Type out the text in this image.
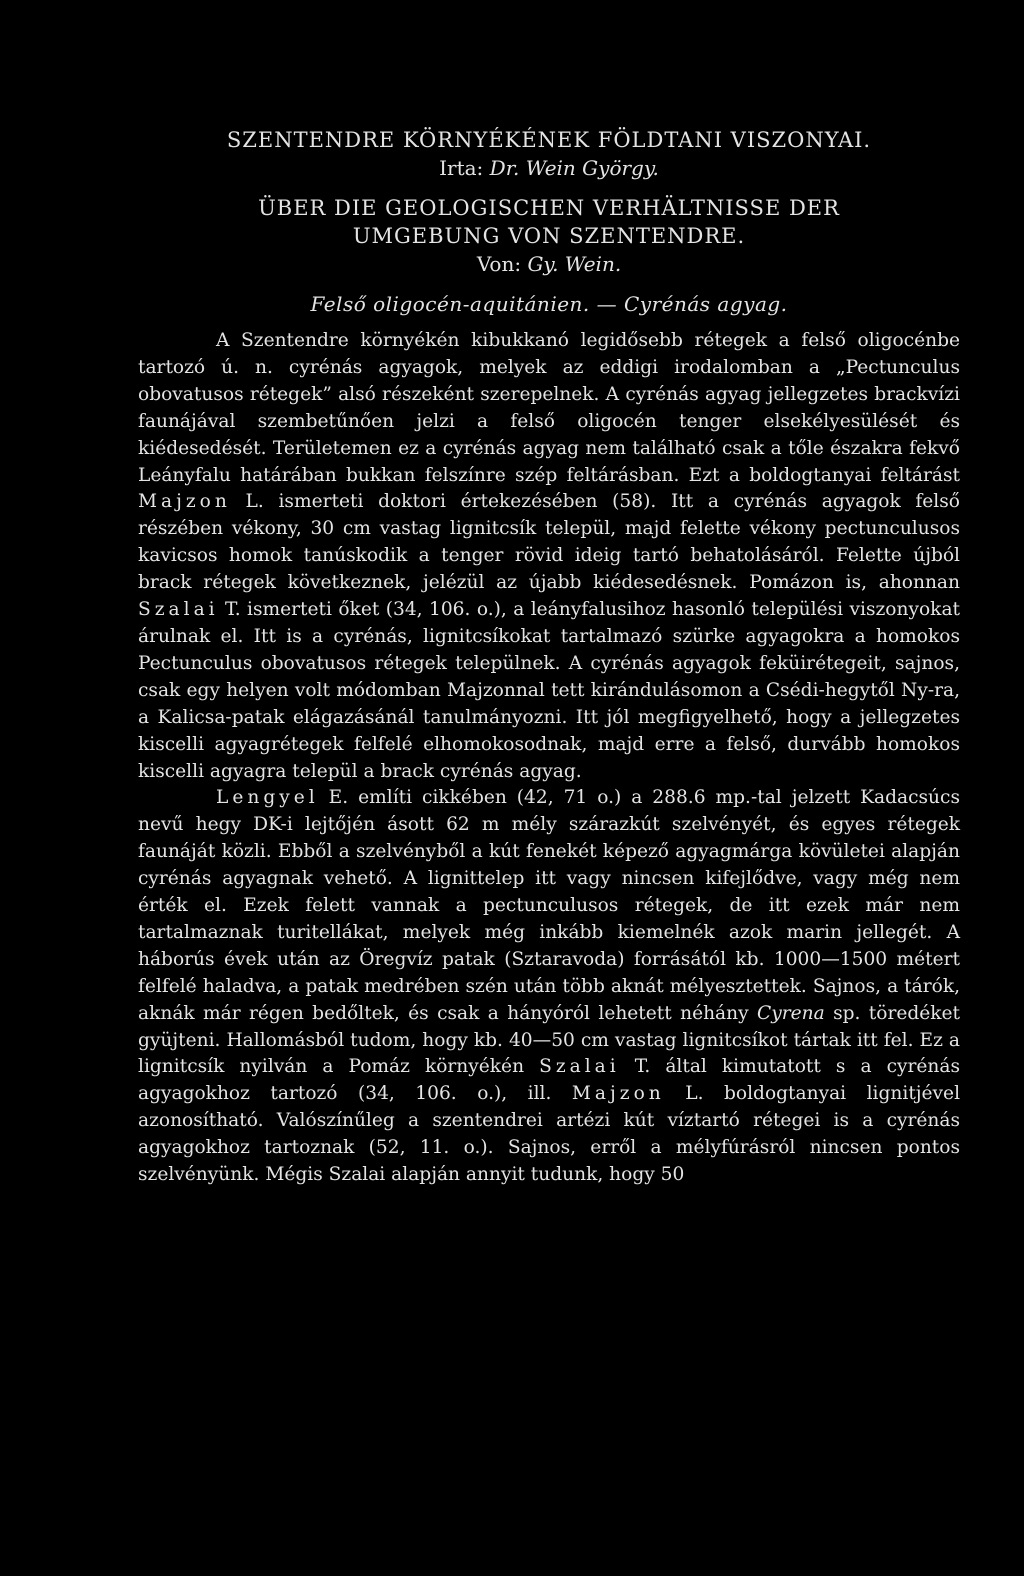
SZENTENDRE KÖRNYÉKÉNEK FÖLDTANI VISZONYAI.

Irta: Dr. Wein György.

ÜBER DIE GEOLOGISCHEN VERHÄLTNISSE DER

UMGEBUNG VON SZENTENDRE.

Von: Gy. Wein.

Felső oligocén-aquitánien. — Cyrénás agyag.

A Szentendre környékén kibukkanó legidősebb rétegek a felső oligocénbe tartozó ú. n. cyrénás agyagok, melyek az eddigi irodalomban a „Pectunculus obovatusos rétegek” alsó részeként szerepelnek. A cyrénás agyag jellegzetes brackvízi faunájával szembetűnően jelzi a felső oligocén tenger elsekélyesülését és kiédesedését. Területemen ez a cyrénás agyag nem található csak a tőle északra fekvő Leányfalu határában bukkan felszínre szép feltárásban. Ezt a boldogtanyai feltárást Majzon L. ismerteti doktori értekezésében (58). Itt a cyrénás agyagok felső részében vékony, 30 cm vastag lignitcsík települ, majd felette vékony pectunculusos kavicsos homok tanúskodik a tenger rövid ideig tartó behatolásáról. Felette újból brack rétegek következnek, jelézül az újabb kiédesedésnek. Pomázon is, ahonnan Szalai T. ismerteti őket (34, 106. o.), a leányfalusihoz hasonló települési viszonyokat árulnak el. Itt is a cyrénás, lignitcsíkokat tartalmazó szürke agyagokra a homokos Pectunculus obovatusos rétegek települnek. A cyrénás agyagok feküirétegeit, sajnos, csak egy helyen volt módomban Majzonnal tett kirándulásomon a Csédi-hegytől Ny-ra, a Kalicsa-patak elágazásánál tanulmányozni. Itt jól megfigyelhető, hogy a jellegzetes kiscelli agyagrétegek felfelé elhomokosodnak, majd erre a felső, durvább homokos kiscelli agyagra települ a brack cyrénás agyag.

Lengyel E. említi cikkében (42, 71 o.) a 288.6 mp.-tal jelzett Kadacsúcs nevű hegy DK-i lejtőjén ásott 62 m mély szárazkút szelvényét, és egyes rétegek faunáját közli. Ebből a szelvényből a kút fenekét képező agyagmárga kövületei alapján cyrénás agyagnak vehető. A lignittelep itt vagy nincsen kifejlődve, vagy még nem érték el. Ezek felett vannak a pectunculusos rétegek, de itt ezek már nem tartalmaznak turitellákat, melyek még inkább kiemelnék azok marin jellegét. A háborús évek után az Öregvíz patak (Sztaravoda) forrásától kb. 1000—1500 métert felfelé haladva, a patak medrében szén után több aknát mélyesztettek. Sajnos, a tárók, aknák már régen bedőltek, és csak a hányóról lehetett néhány Cyrena sp. töredéket gyüjteni. Hallomásból tudom, hogy kb. 40—50 cm vastag lignitcsíkot tártak itt fel. Ez a lignitcsík nyilván a Pomáz környékén Szalai T. által kimutatott s a cyrénás agyagokhoz tartozó (34, 106. o.), ill. Majzon L. boldogtanyai lignitjével azonosítható. Valószínűleg a szentendrei artézi kút víztartó rétegei is a cyrénás agyagokhoz tartoznak (52, 11. o.). Sajnos, erről a mélyfúrásról nincsen pontos szelvényünk. Mégis Szalai alapján annyit tudunk, hogy 50
